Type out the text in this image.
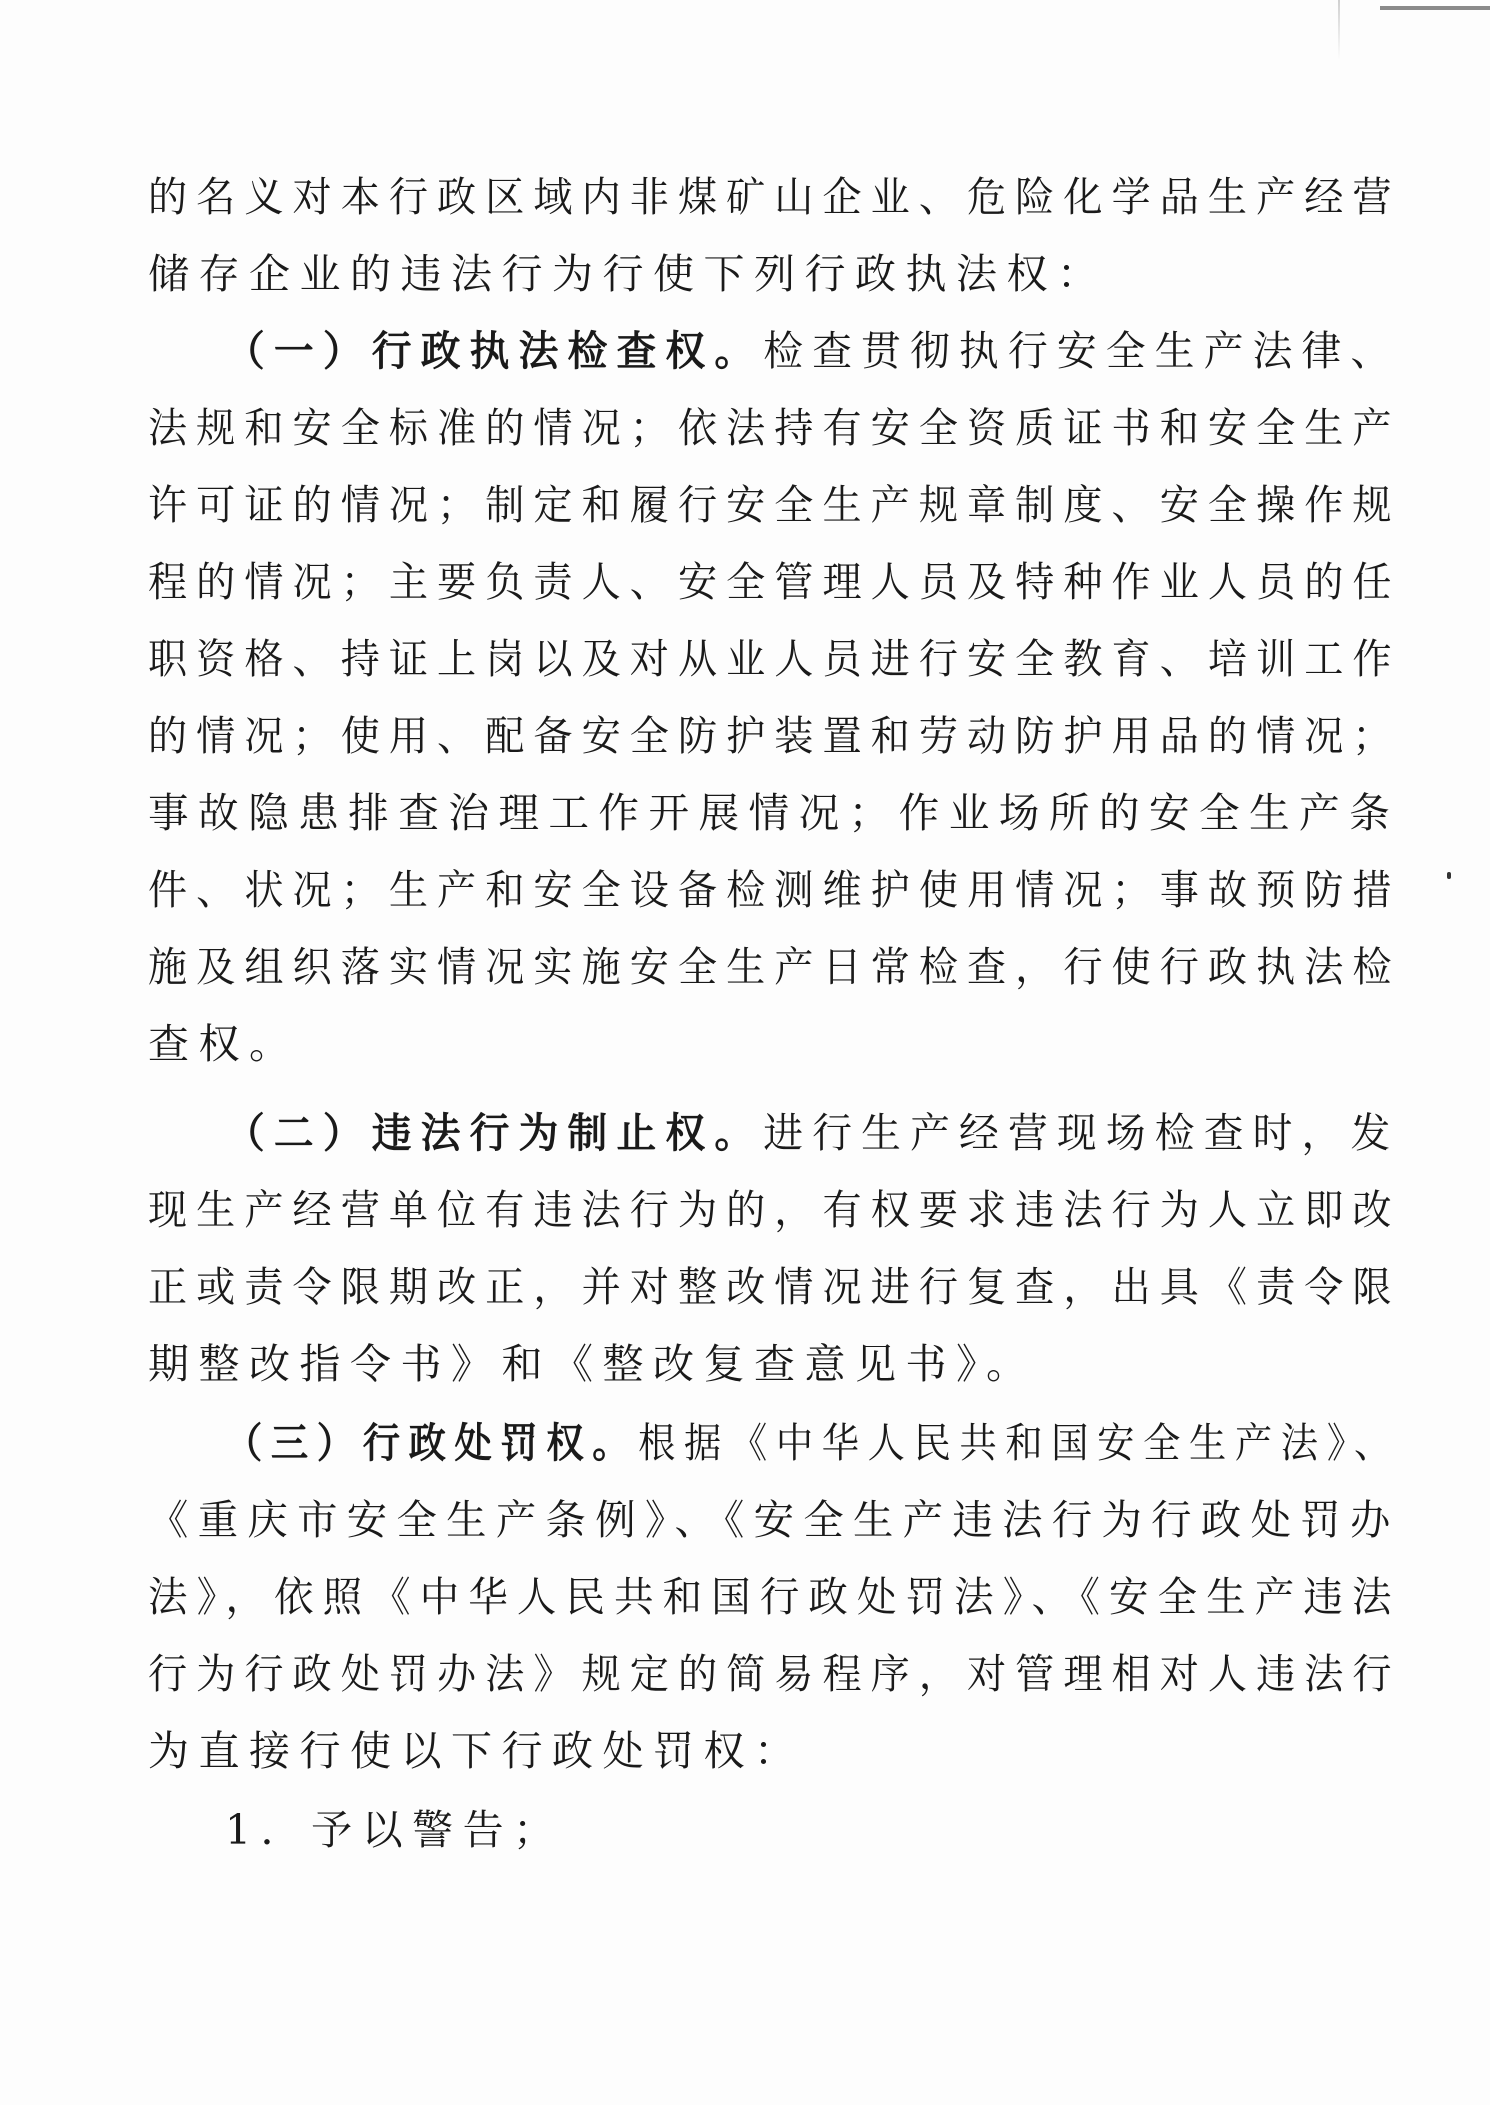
的名义对本行政区域内非煤矿山企业、危险化学品生产经营
储存企业的违法行为行使下列行政执法权：
（一）行政执法检查权。检查贯彻执行安全生产法律、
法规和安全标准的情况；依法持有安全资质证书和安全生产
许可证的情况；制定和履行安全生产规章制度、安全操作规
程的情况；主要负责人、安全管理人员及特种作业人员的任
职资格、持证上岗以及对从业人员进行安全教育、培训工作
的情况；使用、配备安全防护装置和劳动防护用品的情况；
事故隐患排查治理工作开展情况；作业场所的安全生产条
件、状况；生产和安全设备检测维护使用情况；事故预防措
施及组织落实情况实施安全生产日常检查，行使行政执法检
查权。
（二）违法行为制止权。进行生产经营现场检查时，发
现生产经营单位有违法行为的，有权要求违法行为人立即改
正或责令限期改正，并对整改情况进行复查，出具《责令限
期整改指令书》和《整改复查意见书》。
（三）行政处罚权。根据《中华人民共和国安全生产法》、
《重庆市安全生产条例》、《安全生产违法行为行政处罚办
法》，依照《中华人民共和国行政处罚法》、《安全生产违法
行为行政处罚办法》规定的简易程序，对管理相对人违法行
为直接行使以下行政处罚权：
1．予以警告；
